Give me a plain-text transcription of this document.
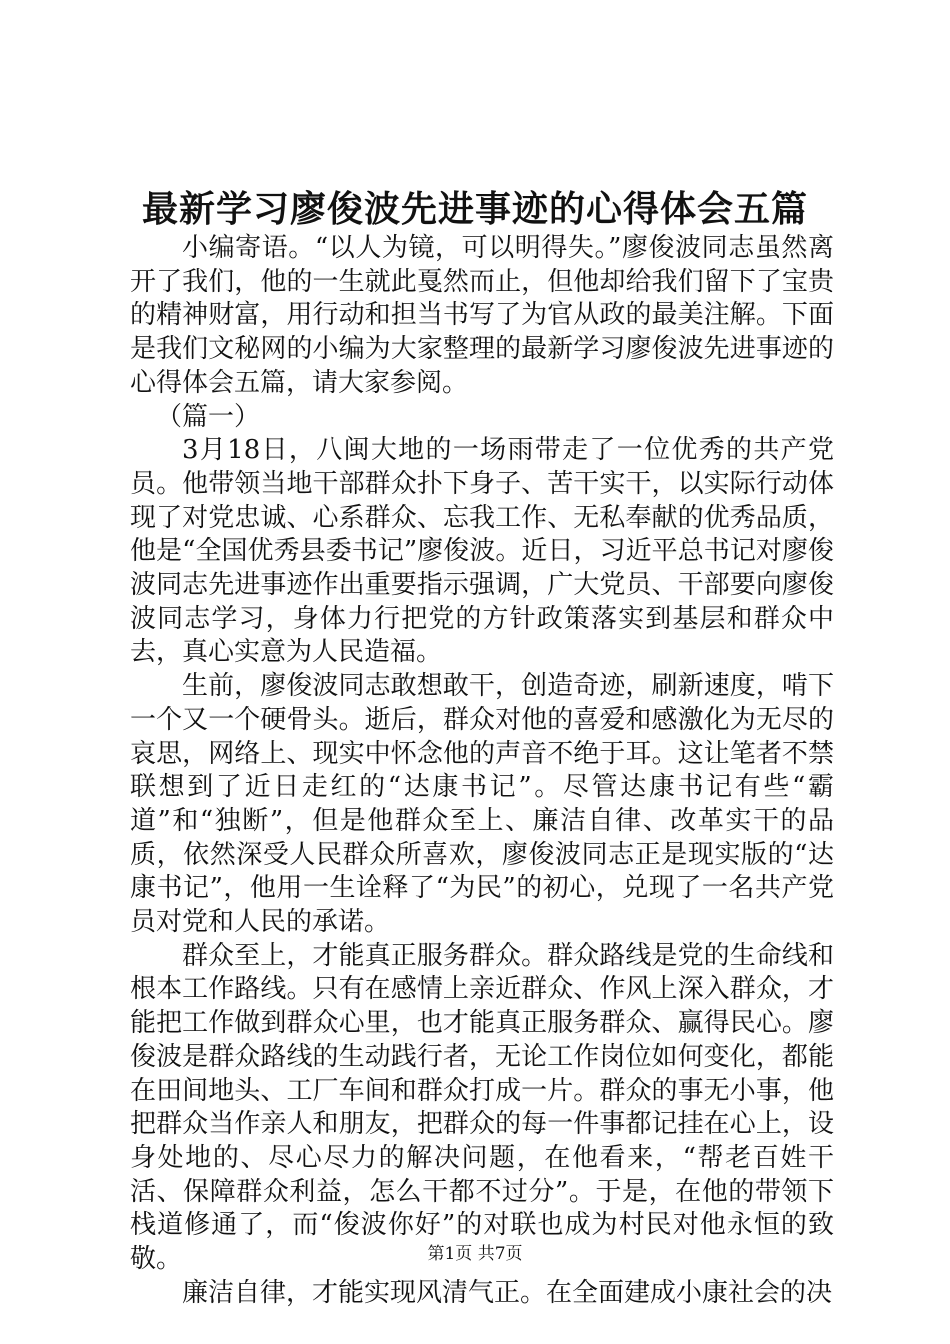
最新学习廖俊波先进事迹的心得体会五篇

小编寄语。“以人为镜，可以明得失。”廖俊波同志虽然离开了我们，他的一生就此戛然而止，但他却给我们留下了宝贵的精神财富，用行动和担当书写了为官从政的最美注解。下面是我们文秘网的小编为大家整理的最新学习廖俊波先进事迹的心得体会五篇，请大家参阅。

（篇一）

3月18日，八闽大地的一场雨带走了一位优秀的共产党员。他带领当地干部群众扑下身子、苦干实干，以实际行动体现了对党忠诚、心系群众、忘我工作、无私奉献的优秀品质，他是“全国优秀县委书记”廖俊波。近日，习近平总书记对廖俊波同志先进事迹作出重要指示强调，广大党员、干部要向廖俊波同志学习，身体力行把党的方针政策落实到基层和群众中去，真心实意为人民造福。

生前，廖俊波同志敢想敢干，创造奇迹，刷新速度，啃下一个又一个硬骨头。逝后，群众对他的喜爱和感激化为无尽的哀思，网络上、现实中怀念他的声音不绝于耳。这让笔者不禁联想到了近日走红的“达康书记”。尽管达康书记有些“霸道”和“独断”，但是他群众至上、廉洁自律、改革实干的品质，依然深受人民群众所喜欢，廖俊波同志正是现实版的“达康书记”，他用一生诠释了“为民”的初心，兑现了一名共产党员对党和人民的承诺。

群众至上，才能真正服务群众。群众路线是党的生命线和根本工作路线。只有在感情上亲近群众、作风上深入群众，才能把工作做到群众心里，也才能真正服务群众、赢得民心。廖俊波是群众路线的生动践行者，无论工作岗位如何变化，都能在田间地头、工厂车间和群众打成一片。群众的事无小事，他把群众当作亲人和朋友，把群众的每一件事都记挂在心上，设身处地的、尽心尽力的解决问题，在他看来，“帮老百姓干活、保障群众利益，怎么干都不过分”。于是，在他的带领下栈道修通了，而“俊波你好”的对联也成为村民对他永恒的致敬。

廉洁自律，才能实现风清气正。在全面建成小康社会的决

第1页 共7页
